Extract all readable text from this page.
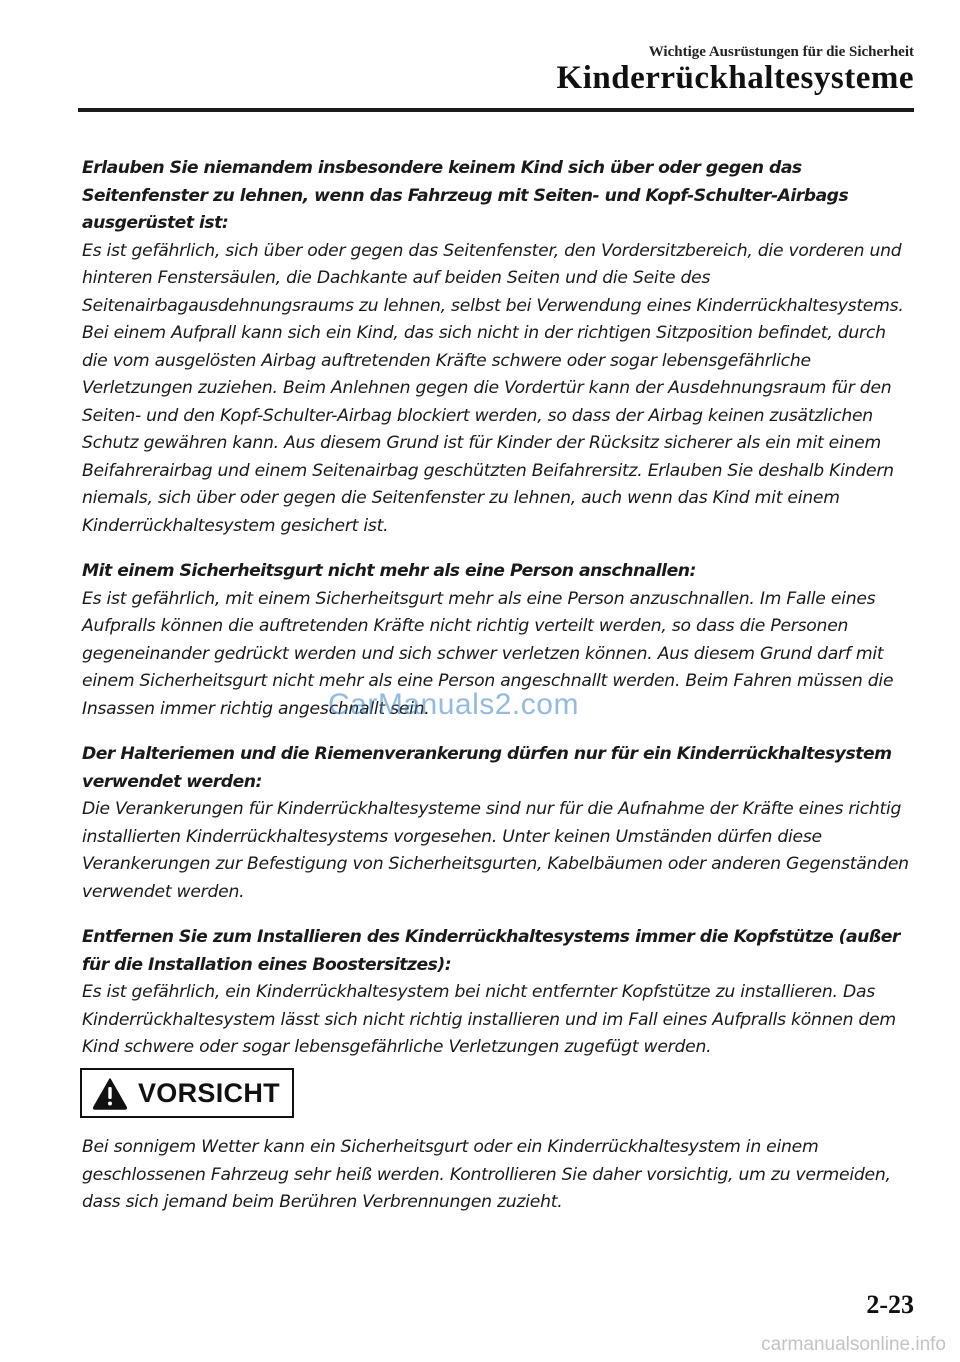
Wichtige Ausrüstungen für die Sicherheit
Kinderrückhaltesysteme

Erlauben Sie niemandem insbesondere keinem Kind sich über oder gegen das Seitenfenster zu lehnen, wenn das Fahrzeug mit Seiten- und Kopf-Schulter-Airbags ausgerüstet ist:

Es ist gefährlich, sich über oder gegen das Seitenfenster, den Vordersitzbereich, die vorderen und hinteren Fenstersäulen, die Dachkante auf beiden Seiten und die Seite des Seitenairbagausdehnungsraums zu lehnen, selbst bei Verwendung eines Kinderrückhaltesystems. Bei einem Aufprall kann sich ein Kind, das sich nicht in der richtigen Sitzposition befindet, durch die vom ausgelösten Airbag auftretenden Kräfte schwere oder sogar lebensgefährliche Verletzungen zuziehen. Beim Anlehnen gegen die Vordertür kann der Ausdehnungsraum für den Seiten- und den Kopf-Schulter-Airbag blockiert werden, so dass der Airbag keinen zusätzlichen Schutz gewähren kann. Aus diesem Grund ist für Kinder der Rücksitz sicherer als ein mit einem Beifahrerairbag und einem Seitenairbag geschützten Beifahrersitz. Erlauben Sie deshalb Kindern niemals, sich über oder gegen die Seitenfenster zu lehnen, auch wenn das Kind mit einem Kinderrückhaltesystem gesichert ist.

Mit einem Sicherheitsgurt nicht mehr als eine Person anschnallen:

Es ist gefährlich, mit einem Sicherheitsgurt mehr als eine Person anzuschnallen. Im Falle eines Aufpralls können die auftretenden Kräfte nicht richtig verteilt werden, so dass die Personen gegeneinander gedrückt werden und sich schwer verletzen können. Aus diesem Grund darf mit einem Sicherheitsgurt nicht mehr als eine Person angeschnallt werden. Beim Fahren müssen die Insassen immer richtig angeschnallt sein.

Der Halteriemen und die Riemenverankerung dürfen nur für ein Kinderrückhaltesystem verwendet werden:

Die Verankerungen für Kinderrückhaltesysteme sind nur für die Aufnahme der Kräfte eines richtig installierten Kinderrückhaltesystems vorgesehen. Unter keinen Umständen dürfen diese Verankerungen zur Befestigung von Sicherheitsgurten, Kabelbäumen oder anderen Gegenständen verwendet werden.

Entfernen Sie zum Installieren des Kinderrückhaltesystems immer die Kopfstütze (außer für die Installation eines Boostersitzes):

Es ist gefährlich, ein Kinderrückhaltesystem bei nicht entfernter Kopfstütze zu installieren. Das Kinderrückhaltesystem lässt sich nicht richtig installieren und im Fall eines Aufpralls können dem Kind schwere oder sogar lebensgefährliche Verletzungen zugefügt werden.

CarManuals2.com
VORSICHT

Bei sonnigem Wetter kann ein Sicherheitsgurt oder ein Kinderrückhaltesystem in einem geschlossenen Fahrzeug sehr heiß werden. Kontrollieren Sie daher vorsichtig, um zu vermeiden, dass sich jemand beim Berühren Verbrennungen zuzieht.

2-23
carmanualsonline.info
